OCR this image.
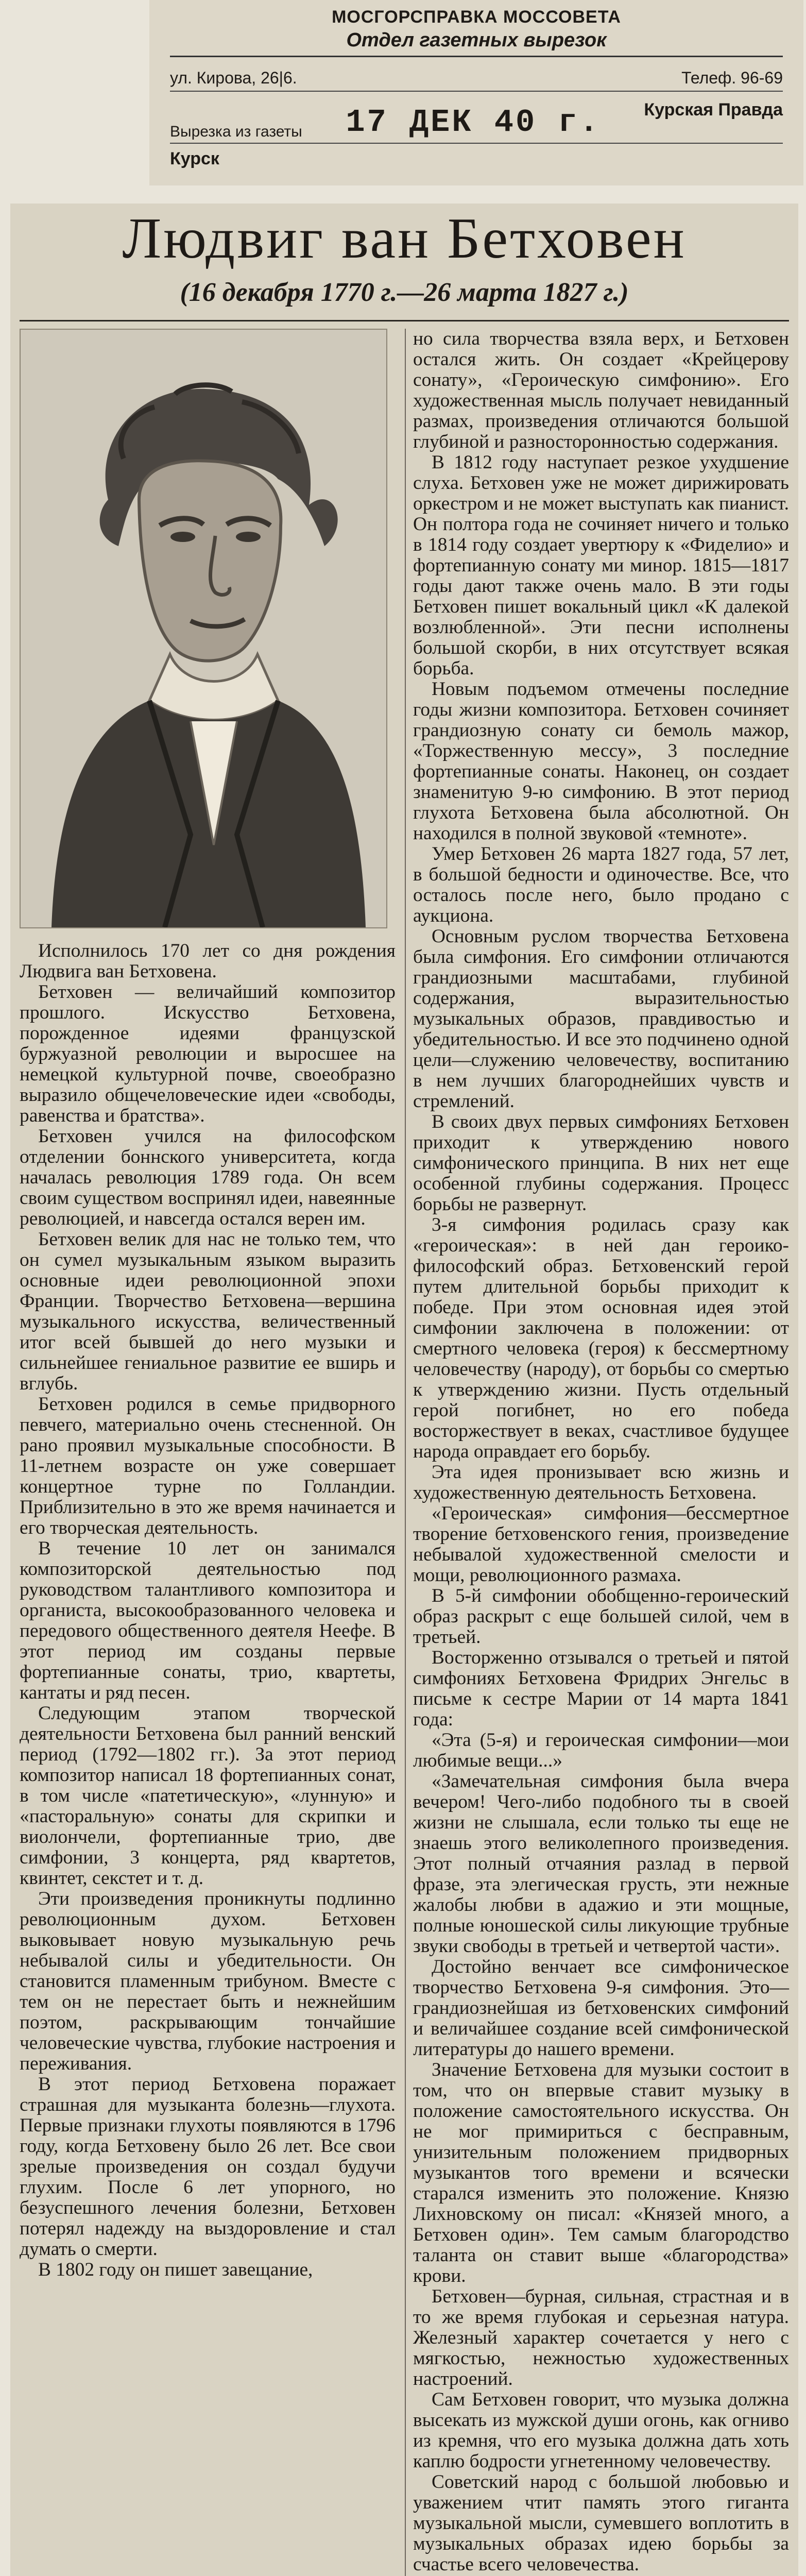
МОСГОРСПРАВКА МОССОВЕТА
Отдел газетных вырезок
ул. Кирова, 26|6.	Телеф. 96-69
Вырезка из газеты 17 ДЕК 40 г. Курская Правда
Курск
Людвиг ван Бетховен
(16 декабря 1770 г.—26 марта 1827 г.)

Исполнилось 170 лет со дня рождения Людвига ван Бетховена.

Бетховен — величайший композитор прошлого. Искусство Бетховена, порожденное идеями французской буржуазной революции и выросшее на немецкой культурной почве, своеобразно выразило общечеловеческие идеи «свободы, равенства и братства».

Бетховен учился на философском отделении боннского университета, когда началась революция 1789 года. Он всем своим существом воспринял идеи, навеянные революцией, и навсегда остался верен им.

Бетховен велик для нас не только тем, что он сумел музыкальным языком выразить основные идеи революционной эпохи Франции. Творчество Бетховена—вершина музыкального искусства, величественный итог всей бывшей до него музыки и сильнейшее гениальное развитие ее вширь и вглубь.

Бетховен родился в семье придворного певчего, материально очень стесненной. Он рано проявил музыкальные способности. В 11-летнем возрасте он уже совершает концертное турне по Голландии. Приблизительно в это же время начинается и его творческая деятельность.

В течение 10 лет он занимался композиторской деятельностью под руководством талантливого композитора и органиста, высокообразованного человека и передового общественного деятеля Неефе. В этот период им созданы первые фортепианные сонаты, трио, квартеты, кантаты и ряд песен.

Следующим этапом творческой деятельности Бетховена был ранний венский период (1792—1802 гг.). За этот период композитор написал 18 фортепианных сонат, в том числе «патетическую», «лунную» и «пасторальную» сонаты для скрипки и виолончели, фортепианные трио, две симфонии, 3 концерта, ряд квартетов, квинтет, секстет и т. д.

Эти произведения проникнуты подлинно революционным духом. Бетховен выковывает новую музыкальную речь небывалой силы и убедительности. Он становится пламенным трибуном. Вместе с тем он не перестает быть и нежнейшим поэтом, раскрывающим тончайшие человеческие чувства, глубокие настроения и переживания.

В этот период Бетховена поражает страшная для музыканта болезнь—глухота. Первые признаки глухоты появляются в 1796 году, когда Бетховену было 26 лет. Все свои зрелые произведения он создал будучи глухим. После 6 лет упорного, но безуспешного лечения болезни, Бетховен потерял надежду на выздоровление и стал думать о смерти.

В 1802 году он пишет завещание,

но сила творчества взяла верх, и Бетховен остался жить. Он создает «Крейцерову сонату», «Героическую симфонию». Его художественная мысль получает невиданный размах, произведения отличаются большой глубиной и разносторонностью содержания.

В 1812 году наступает резкое ухудшение слуха. Бетховен уже не может дирижировать оркестром и не может выступать как пианист. Он полтора года не сочиняет ничего и только в 1814 году создает увертюру к «Фиделио» и фортепианную сонату ми минор. 1815—1817 годы дают также очень мало. В эти годы Бетховен пишет вокальный цикл «К далекой возлюбленной». Эти песни исполнены большой скорби, в них отсутствует всякая борьба.

Новым подъемом отмечены последние годы жизни композитора. Бетховен сочиняет грандиозную сонату си бемоль мажор, «Торжественную мессу», 3 последние фортепианные сонаты. Наконец, он создает знаменитую 9-ю симфонию. В этот период глухота Бетховена была абсолютной. Он находился в полной звуковой «темноте».

Умер Бетховен 26 марта 1827 года, 57 лет, в большой бедности и одиночестве. Все, что осталось после него, было продано с аукциона.

Основным руслом творчества Бетховена была симфония. Его симфонии отличаются грандиозными масштабами, глубиной содержания, выразительностью музыкальных образов, правдивостью и убедительностью. И все это подчинено одной цели—служению человечеству, воспитанию в нем лучших благороднейших чувств и стремлений.

В своих двух первых симфониях Бетховен приходит к утверждению нового симфонического принципа. В них нет еще особенной глубины содержания. Процесс борьбы не развернут.

3-я симфония родилась сразу как «героическая»: в ней дан героико-философский образ. Бетховенский герой путем длительной борьбы приходит к победе. При этом основная идея этой симфонии заключена в положении: от смертного человека (героя) к бессмертному человечеству (народу), от борьбы со смертью к утверждению жизни. Пусть отдельный герой погибнет, но его победа восторжествует в веках, счастливое будущее народа оправдает его борьбу.

Эта идея пронизывает всю жизнь и художественную деятельность Бетховена.

«Героическая» симфония—бессмертное творение бетховенского гения, произведение небывалой художественной смелости и мощи, революционного размаха.

В 5-й симфонии обобщенно-героический образ раскрыт с еще большей силой, чем в третьей.

Восторженно отзывался о третьей и пятой симфониях Бетховена Фридрих Энгельс в письме к сестре Марии от 14 марта 1841 года:

«Эта (5-я) и героическая симфонии—мои любимые вещи...»

«Замечательная симфония была вчера вечером! Чего-либо подобного ты в своей жизни не слышала, если только ты еще не знаешь этого великолепного произведения. Этот полный отчаяния разлад в первой фразе, эта элегическая грусть, эти нежные жалобы любви в адажио и эти мощные, полные юношеской силы ликующие трубные звуки свободы в третьей и четвертой части».

Достойно венчает все симфоническое творчество Бетховена 9-я симфония. Это—грандиознейшая из бетховенских симфоний и величайшее создание всей симфонической литературы до нашего времени.

Значение Бетховена для музыки состоит в том, что он впервые ставит музыку в положение самостоятельного искусства. Он не мог примириться с бесправным, унизительным положением придворных музыкантов того времени и всячески старался изменить это положение. Князю Лихновскому он писал: «Князей много, а Бетховен один». Тем самым благородство таланта он ставит выше «благородства» крови.

Бетховен—бурная, сильная, страстная и в то же время глубокая и серьезная натура. Железный характер сочетается у него с мягкостью, нежностью художественных настроений.

Сам Бетховен говорит, что музыка должна высекать из мужской души огонь, как огниво из кремня, что его музыка должна дать хоть каплю бодрости угнетенному человечеству.

Советский народ с большой любовью и уважением чтит память этого гиганта музыкальной мысли, сумевшего воплотить в музыкальных образах идею борьбы за счастье всего человечества.
